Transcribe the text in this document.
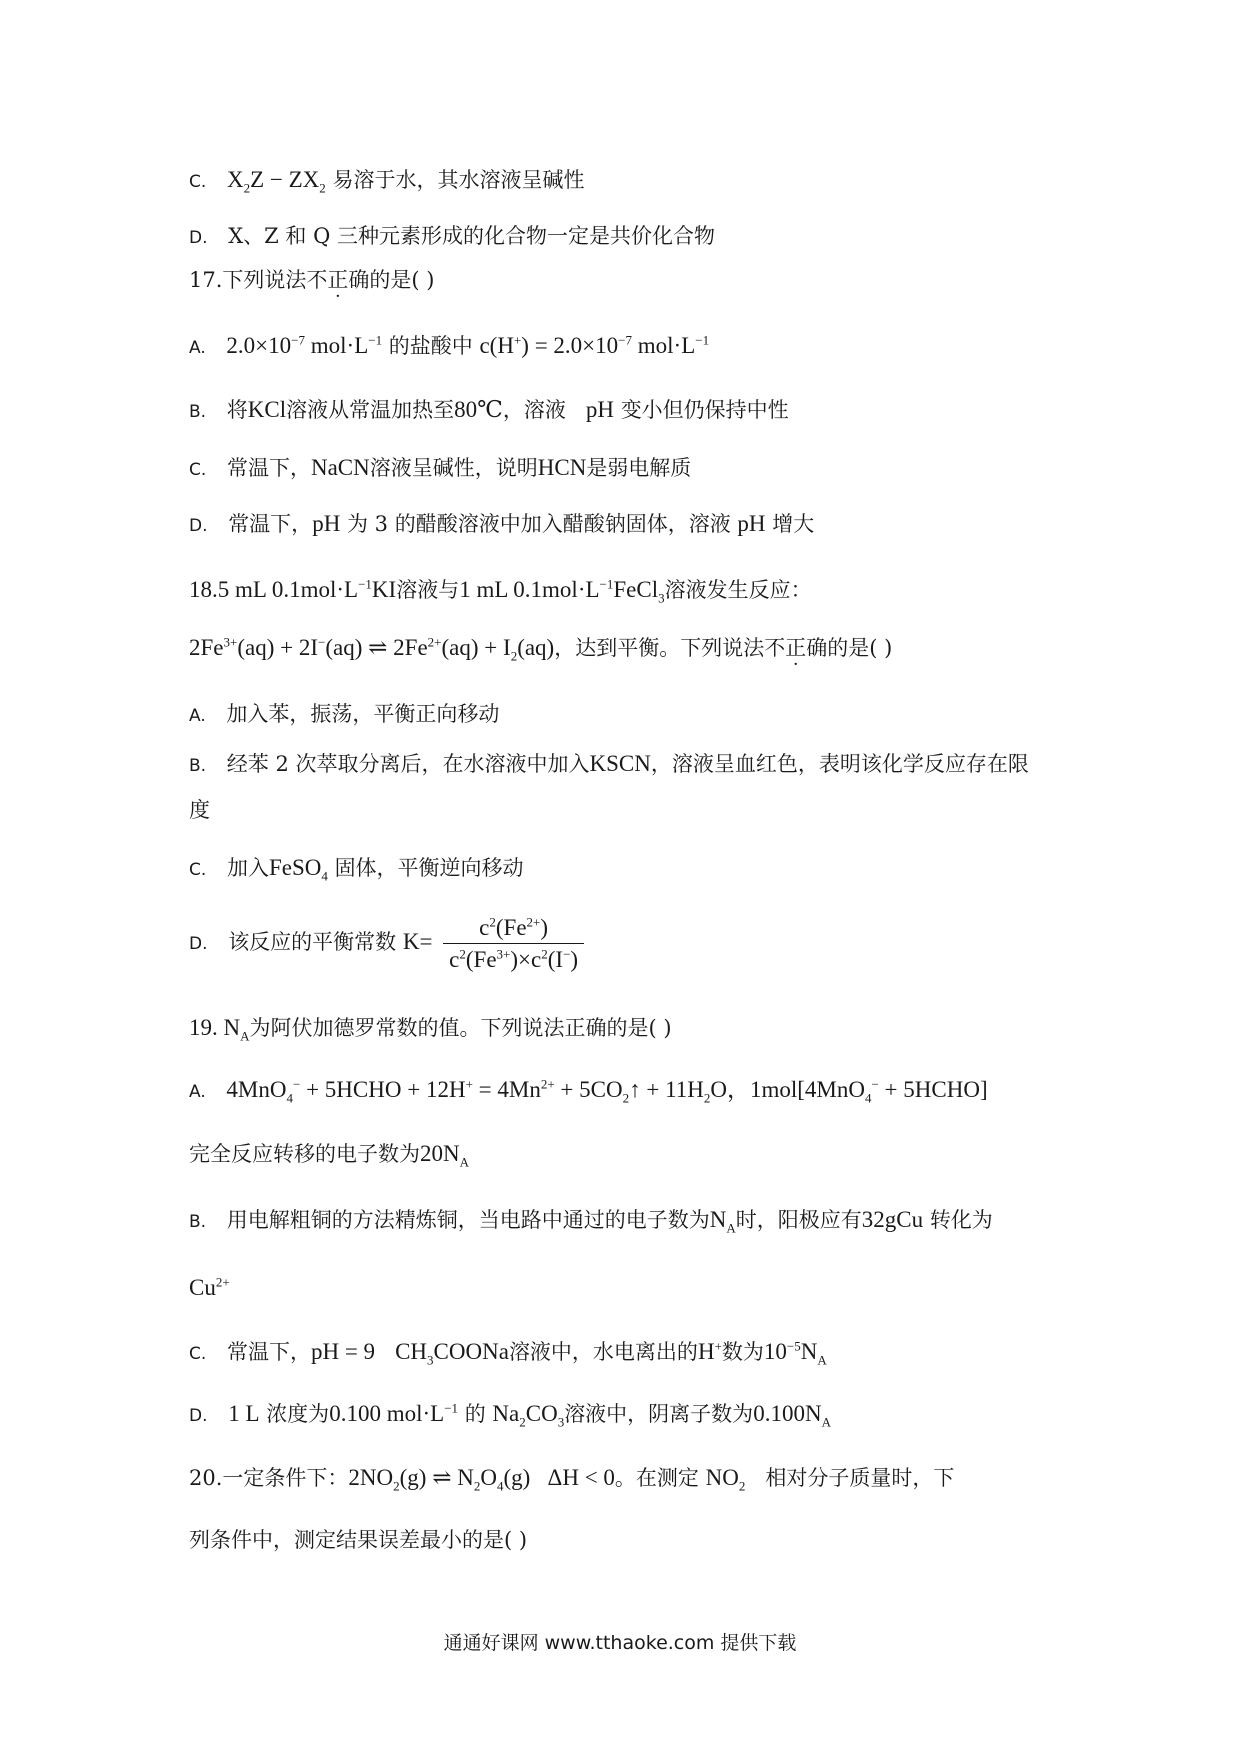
C. $X_2Z - ZX_2$ 易溶于水，其水溶液呈碱性
D. X、Z 和 Q 三种元素形成的化合物一定是共价化合物
17.下列说法不正确的是( )
A. $2.0\times 10^{-7}$ $mol\cdot L^{-1}$ 的盐酸中 $c(H^+) = 2.0\times 10^{-7}$ $mol\cdot L^{-1}$
B. 将KCl溶液从常温加热至80℃，溶液 pH 变小但仍保持中性
C. 常温下，NaCN溶液呈碱性，说明HCN是弱电解质
D. 常温下，pH 为 3 的醋酸溶液中加入醋酸钠固体，溶液 pH 增大
18.5 mL $0.1mol\cdot L^{-1}KI$溶液与1 mL $0.1mol\cdot L^{-1}FeCl_3$溶液发生反应：
$2Fe^{3+}(aq) + 2I^-(aq)$ ⇌ $2Fe^{2+}(aq) + I_2(aq)$，达到平衡。下列说法不正确的是( )
A. 加入苯，振荡，平衡正向移动
B. 经苯 2 次萃取分离后，在水溶液中加入KSCN，溶液呈血红色，表明该化学反应存在限
度
C. 加入FeSO$_4$ 固体，平衡逆向移动
D. 该反应的平衡常数 $K= \frac{c^2(Fe^{2+})}{c^2(Fe^{3+})\times c^2(I^-)}$
19. $N_A$为阿伏加德罗常数的值。下列说法正确的是( )
A. 4MnO$_4$− + 5HCHO + $12H^+ = 4Mn^{2+}$ + $5CO_2↑ + 11H_2O$，1mol[4MnO$_4$− + 5HCHO]
完全反应转移的电子数为$20N_A$
B. 用电解粗铜的方法精炼铜，当电路中通过的电子数为$N_A$时，阳极应有32gCu 转化为
$Cu^{2+}$
C. 常温下，pH = 9 $CH_3COONa$溶液中，水电离出的H+数为$10^{-5}N_A$
D. 1 L 浓度为0.100 $mol\cdot L^{-1}$ 的 $Na_2CO_3$溶液中，阴离子数为$0.100N_A$
20.一定条件下：$2NO_2(g)$ ⇌ $N_2O_4(g) \Delta H < 0$。在测定 $NO_2$ 相对分子质量时，下
列条件中，测定结果误差最小的是( )
通通好课网 www.tthaoke.com 提供下载
